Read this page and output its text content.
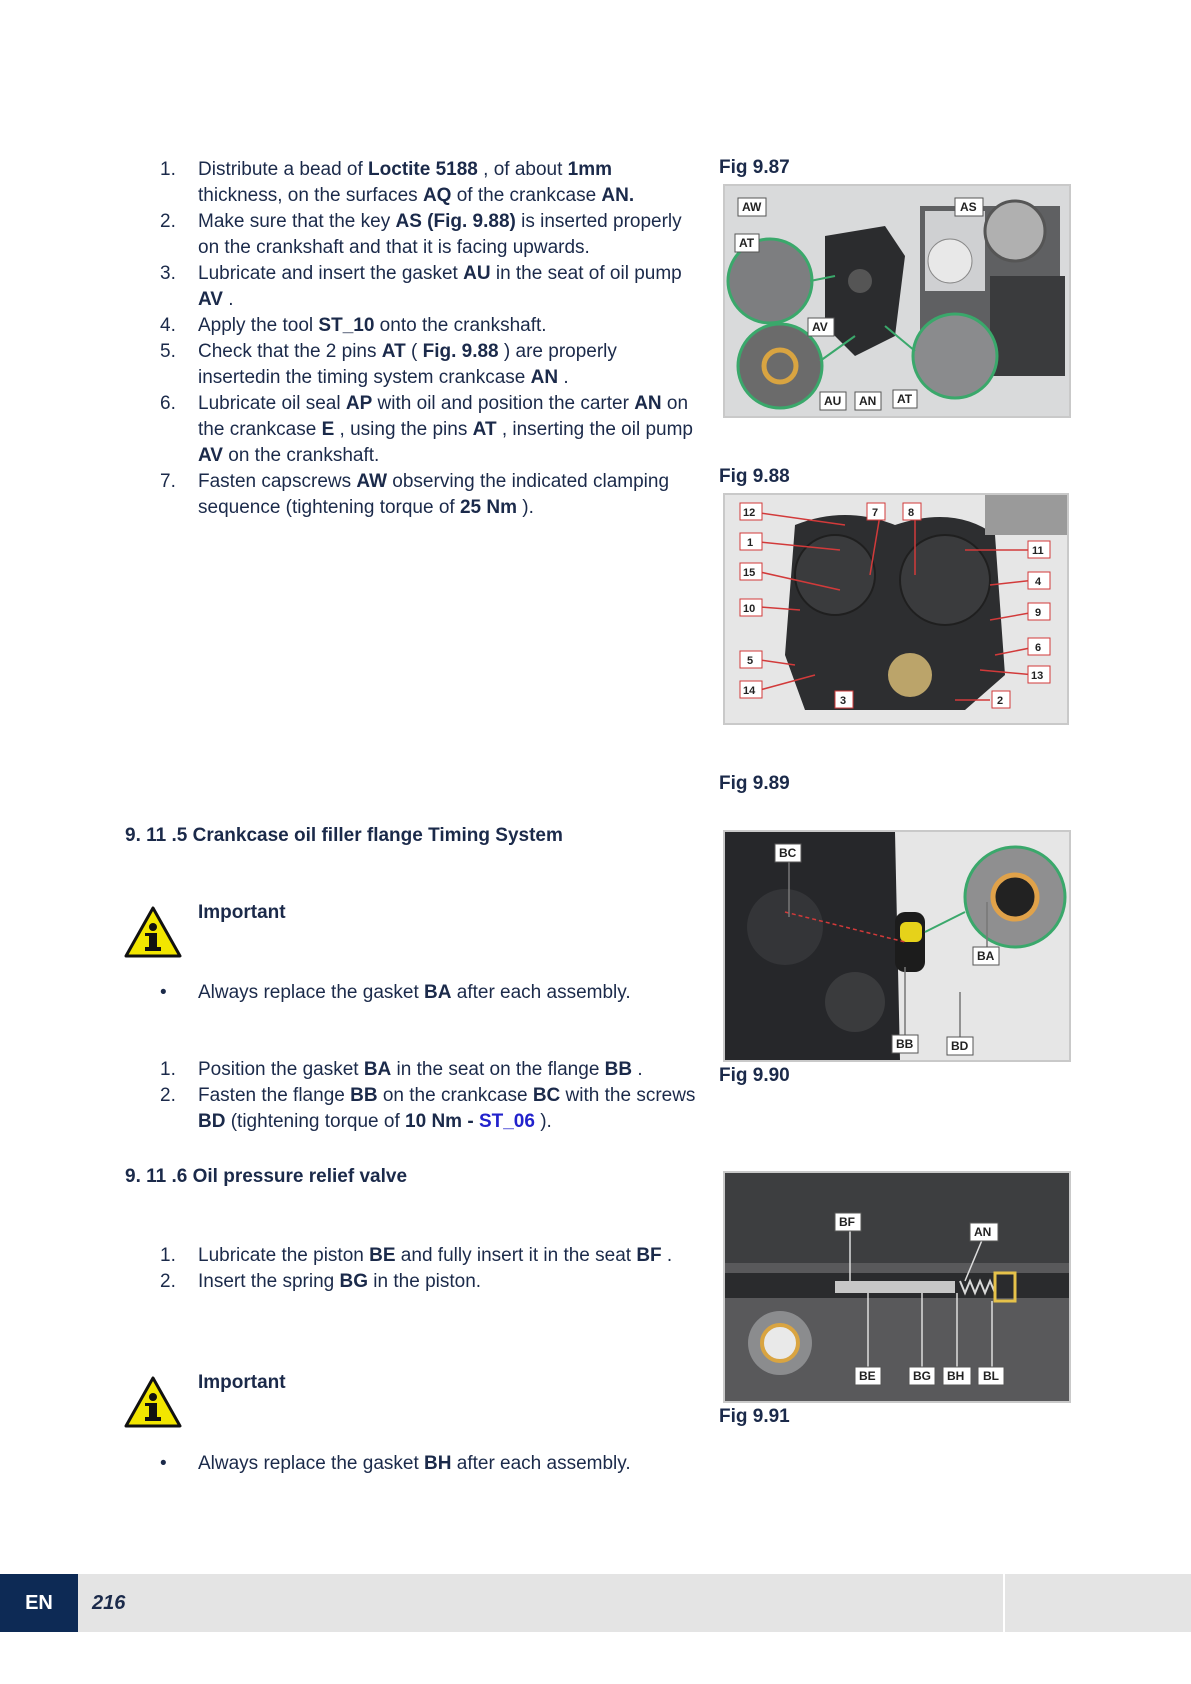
1.	Distribute a bead of Loctite 5188 , of about 1mm thickness, on the surfaces AQ of the crankcase AN.
2.	Make sure that the key AS (Fig. 9.88) is inserted properly on the crankshaft and that it is facing upwards.
3.	Lubricate and insert the gasket AU in the seat of oil pump AV .
4.	Apply the tool ST_10 onto the crankshaft.
5.	Check that the 2 pins AT ( Fig. 9.88 ) are properly insertedin the timing system crankcase AN .
6.	Lubricate oil seal AP with oil and position the carter AN on the crankcase E , using the pins AT , inserting the oil pump AV on the crankshaft.
7.	Fasten capscrews AW observing the indicated clamping sequence (tightening torque of 25 Nm ).
Fig 9.87
AW	AS
AT
AV
AU AN AT
Fig 9.88
12	7	8
1
11
15
4
10	9
6
5
13
14
3	2
Fig 9.89
BC
BA
BB	BD
Fig 9.90
BF
AN
BE	BG BH BL
Fig 9.91
9. 11 .5 Crankcase oil filler flange Timing System
Important
• Always replace the gasket BA after each assembly.
1.	Position the gasket BA in the seat on the flange BB .
2.	Fasten the flange BB on the crankcase BC with the screws BD (tightening torque of 10 Nm - ST_06 ).
9. 11 .6 Oil pressure relief valve
1.	Lubricate the piston BE and fully insert it in the seat BF .
2.	Insert the spring BG in the piston.
Important
• Always replace the gasket BH after each assembly.
EN	216
